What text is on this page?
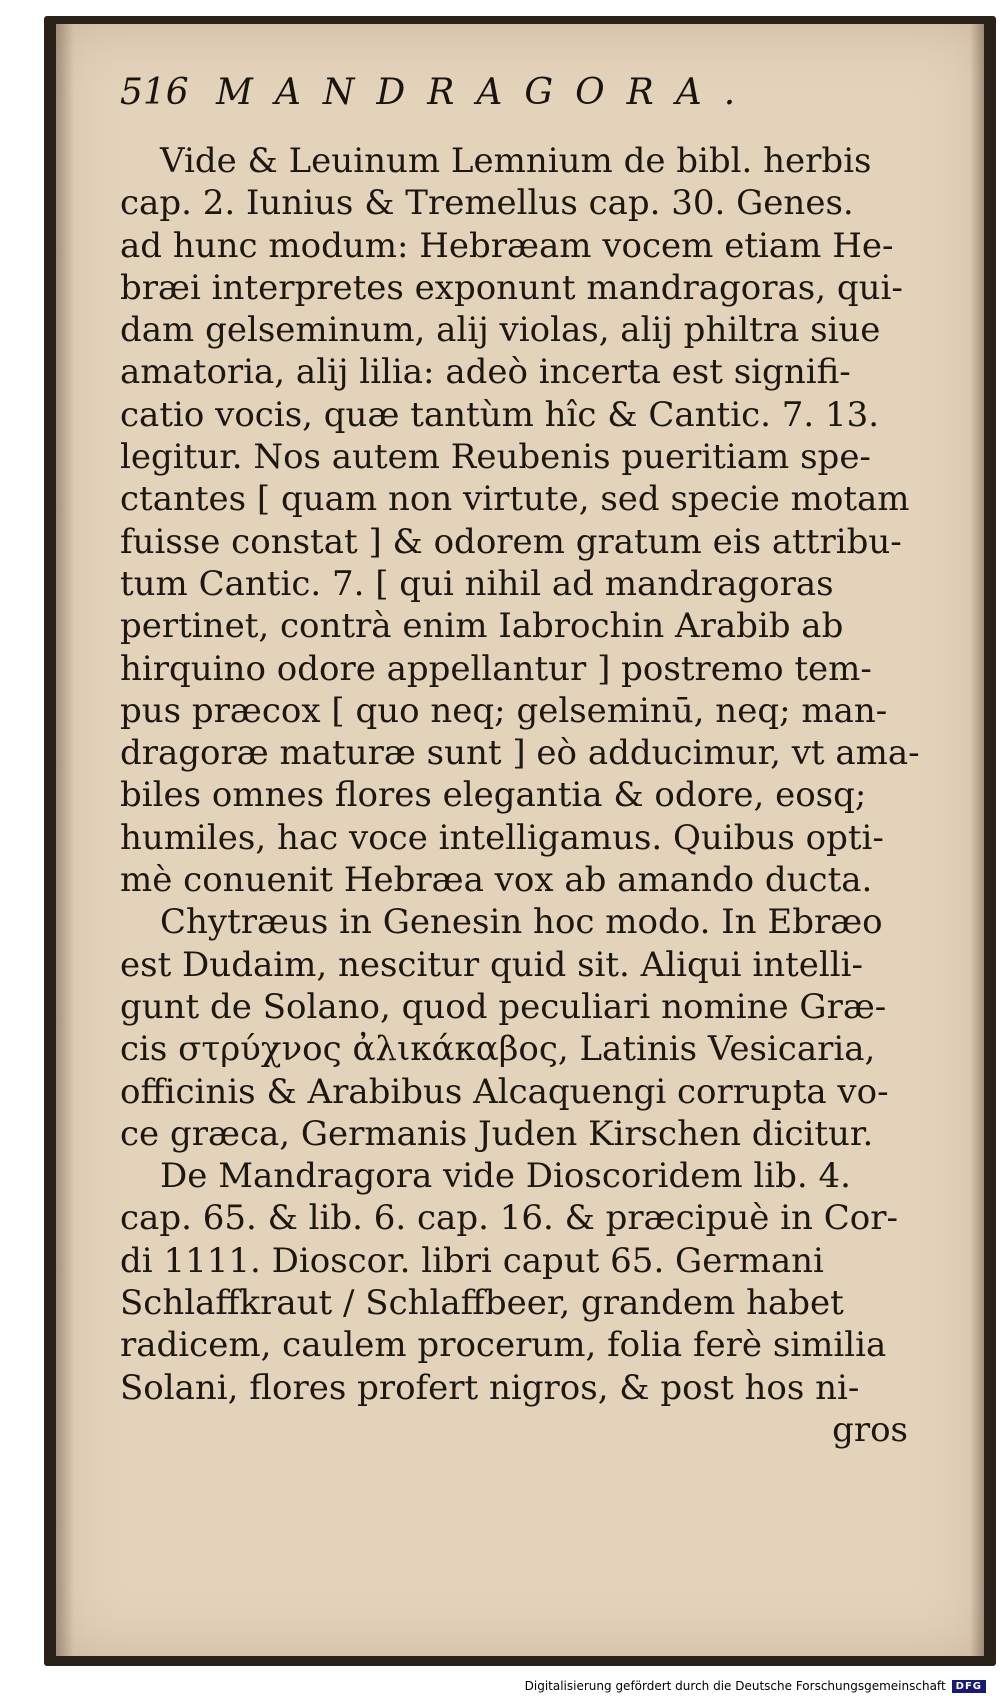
516 MANDRAGORA.
Vide & Leuinum Lemnium de bibl. herbis
cap. 2. Iunius & Tremellus cap. 30. Genes.
ad hunc modum: Hebræam vocem etiam He-
bræi interpretes exponunt mandragoras, qui-
dam gelseminum, alij violas, alij philtra siue
amatoria, alij lilia: adeò incerta est signifi-
catio vocis, quæ tantùm hîc & Cantic. 7. 13.
legitur. Nos autem Reubenis pueritiam spe-
ctantes [ quam non virtute, sed specie motam
fuisse constat ] & odorem gratum eis attribu-
tum Cantic. 7. [ qui nihil ad mandragoras
pertinet, contrà enim Iabrochin Arabib ab
hirquino odore appellantur ] postremo tem-
pus præcox [ quo neq; gelseminū, neq; man-
dragoræ maturæ sunt ] eò adducimur, vt ama-
biles omnes flores elegantia & odore, eosq;
humiles, hac voce intelligamus. Quibus opti-
mè conuenit Hebræa vox ab amando ducta.
Chytræus in Genesin hoc modo. In Ebræo
est Dudaim, nescitur quid sit. Aliqui intelli-
gunt de Solano, quod peculiari nomine Græ-
cis στρύχνος ἀλικάκαβος, Latinis Vesicaria,
officinis & Arabibus Alcaquengi corrupta vo-
ce græca, Germanis Juden Kirschen dicitur.
De Mandragora vide Dioscoridem lib. 4.
cap. 65. & lib. 6. cap. 16. & præcipuè in Cor-
di 1111. Dioscor. libri caput 65. Germani
Schlaffkraut / Schlaffbeer, grandem habet
radicem, caulem procerum, folia ferè similia
Solani, flores profert nigros, & post hos ni-
gros
Digitalisierung gefördert durch die Deutsche Forschungsgemeinschaft	DFG
